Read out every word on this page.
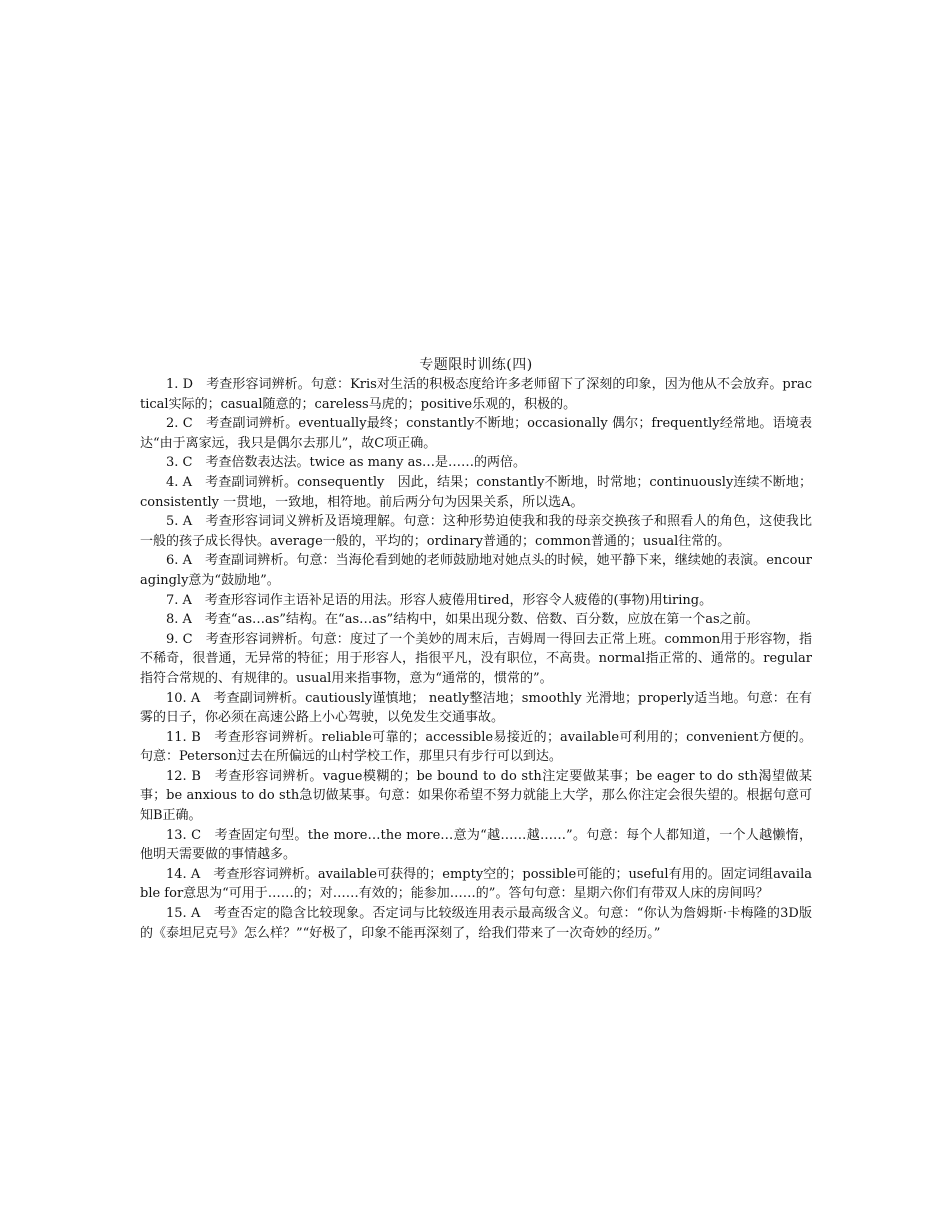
专题限时训练(四)

1. D　考查形容词辨析。句意：Kris对生活的积极态度给许多老师留下了深刻的印象，因为他从不会放弃。practical实际的；casual随意的；careless马虎的；positive乐观的，积极的。

2. C　考查副词辨析。eventually最终；constantly不断地；occasionally 偶尔；frequently经常地。语境表达“由于离家远，我只是偶尔去那儿”，故C项正确。

3. C　考查倍数表达法。twice as many as…是……的两倍。

4. A　考查副词辨析。consequently　因此，结果；constantly不断地，时常地；continuously连续不断地；consistently 一贯地，一致地，相符地。前后两分句为因果关系，所以选A。

5. A　考查形容词词义辨析及语境理解。句意：这种形势迫使我和我的母亲交换孩子和照看人的角色，这使我比一般的孩子成长得快。average一般的，平均的；ordinary普通的；common普通的；usual往常的。

6. A　考查副词辨析。句意：当海伦看到她的老师鼓励地对她点头的时候，她平静下来，继续她的表演。encouragingly意为“鼓励地”。

7. A　考查形容词作主语补足语的用法。形容人疲倦用tired，形容令人疲倦的(事物)用tiring。

8. A　考查“as…as”结构。在“as…as”结构中，如果出现分数、倍数、百分数，应放在第一个as之前。

9. C　考查形容词辨析。句意：度过了一个美妙的周末后，吉姆周一得回去正常上班。common用于形容物，指不稀奇，很普通，无异常的特征；用于形容人，指很平凡，没有职位，不高贵。normal指正常的、通常的。regular指符合常规的、有规律的。usual用来指事物，意为“通常的，惯常的”。

10. A　考查副词辨析。cautiously谨慎地； neatly整洁地；smoothly 光滑地；properly适当地。句意：在有雾的日子，你必须在高速公路上小心驾驶，以免发生交通事故。

11. B　考查形容词辨析。reliable可靠的；accessible易接近的；available可利用的；convenient方便的。句意：Peterson过去在所偏远的山村学校工作，那里只有步行可以到达。

12. B　考查形容词辨析。vague模糊的；be bound to do sth注定要做某事；be eager to do sth渴望做某事；be anxious to do sth急切做某事。句意：如果你希望不努力就能上大学，那么你注定会很失望的。根据句意可知B正确。

13. C　考查固定句型。the more…the more…意为“越……越……”。句意：每个人都知道，一个人越懒惰，他明天需要做的事情越多。

14. A　考查形容词辨析。available可获得的；empty空的；possible可能的；useful有用的。固定词组available for意思为“可用于……的；对……有效的；能参加……的”。答句句意：星期六你们有带双人床的房间吗？

15. A　考查否定的隐含比较现象。否定词与比较级连用表示最高级含义。句意：“你认为詹姆斯·卡梅隆的3D版的《泰坦尼克号》怎么样？”“好极了，印象不能再深刻了，给我们带来了一次奇妙的经历。”
